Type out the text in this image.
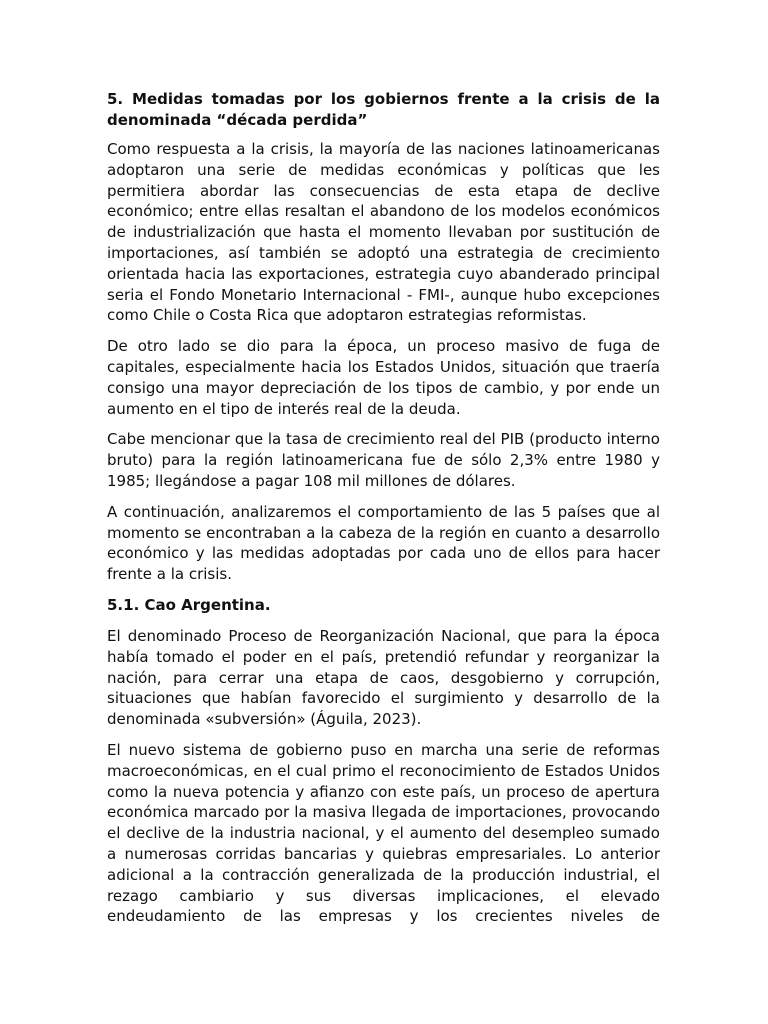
5. Medidas tomadas por los gobiernos frente a la crisis de la denominada “década perdida”

Como respuesta a la crisis, la mayoría de las naciones latinoamericanas adoptaron una serie de medidas económicas y políticas que les permitiera abordar las consecuencias de esta etapa de declive económico; entre ellas resaltan el abandono de los modelos económicos de industrialización que hasta el momento llevaban por sustitución de importaciones, así también se adoptó una estrategia de crecimiento orientada hacia las exportaciones, estrategia cuyo abanderado principal seria el Fondo Monetario Internacional - FMI-, aunque hubo excepciones como Chile o Costa Rica que adoptaron estrategias reformistas.

De otro lado se dio para la época, un proceso masivo de fuga de capitales, especialmente hacia los Estados Unidos, situación que traería consigo una mayor depreciación de los tipos de cambio, y por ende un aumento en el tipo de interés real de la deuda.

Cabe mencionar que la tasa de crecimiento real del PIB (producto interno bruto) para la región latinoamericana fue de sólo 2,3% entre 1980 y 1985; llegándose a pagar 108 mil millones de dólares.

A continuación, analizaremos el comportamiento de las 5 países que al momento se encontraban a la cabeza de la región en cuanto a desarrollo económico y las medidas adoptadas por cada uno de ellos para hacer frente a la crisis.

5.1. Cao Argentina.

El denominado Proceso de Reorganización Nacional, que para la época había tomado el poder en el país, pretendió refundar y reorganizar la nación, para cerrar una etapa de caos, desgobierno y corrupción, situaciones que habían favorecido el surgimiento y desarrollo de la denominada «subversión» (Águila, 2023).

El nuevo sistema de gobierno puso en marcha una serie de reformas macroeconómicas, en el cual primo el reconocimiento de Estados Unidos como la nueva potencia y afianzo con este país, un proceso de apertura económica marcado por la masiva llegada de importaciones, provocando el declive de la industria nacional, y el aumento del desempleo sumado a numerosas corridas bancarias y quiebras empresariales. Lo anterior adicional a la contracción generalizada de la producción industrial, el rezago cambiario y sus diversas implicaciones, el elevado endeudamiento de las empresas y los crecientes niveles de
